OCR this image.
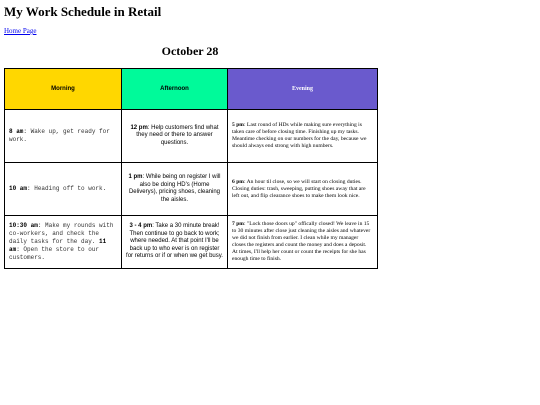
My Work Schedule in Retail
Home Page
October 28
Morning	Afternoon	Evening
8 am: Wake up, get ready for work.	12 pm: Help customers find what they need or there to answer questions.	5 pm: Last round of HDs while making sure everything is taken care of before closing time. Finishing up my tasks. Meantime checking on our numbers for the day, because we should always end strong with high numbers.
10 am: Heading off to work.	1 pm: While being on register I will also be doing HD's (Home Deliverys), pricing shoes, cleaning the aisles.	6 pm: An hour til close, so we will start on closing duties. Closing duties: trash, sweeping, putting shoes away that are left out, and flip clearance shoes to make them look nice.
10:30 am: Make my rounds with co-workers, and check the daily tasks for the day. 11 am: Open the store to our customers.	3 - 4 pm: Take a 30 minute break! Then continue to go back to work; where needed. At that point I'll be back up to who ever is on register for returns or if or when we get busy.	7 pm: "Lock those doors up" offically closed! We leave in 15 to 30 minutes after close just cleaning the aisles and whatever we did not finish from earlier. I clean while my manager closes the registers and count the money and does a deposit. At times, I'll help her count or count the receipts for she has enough time to finish.
